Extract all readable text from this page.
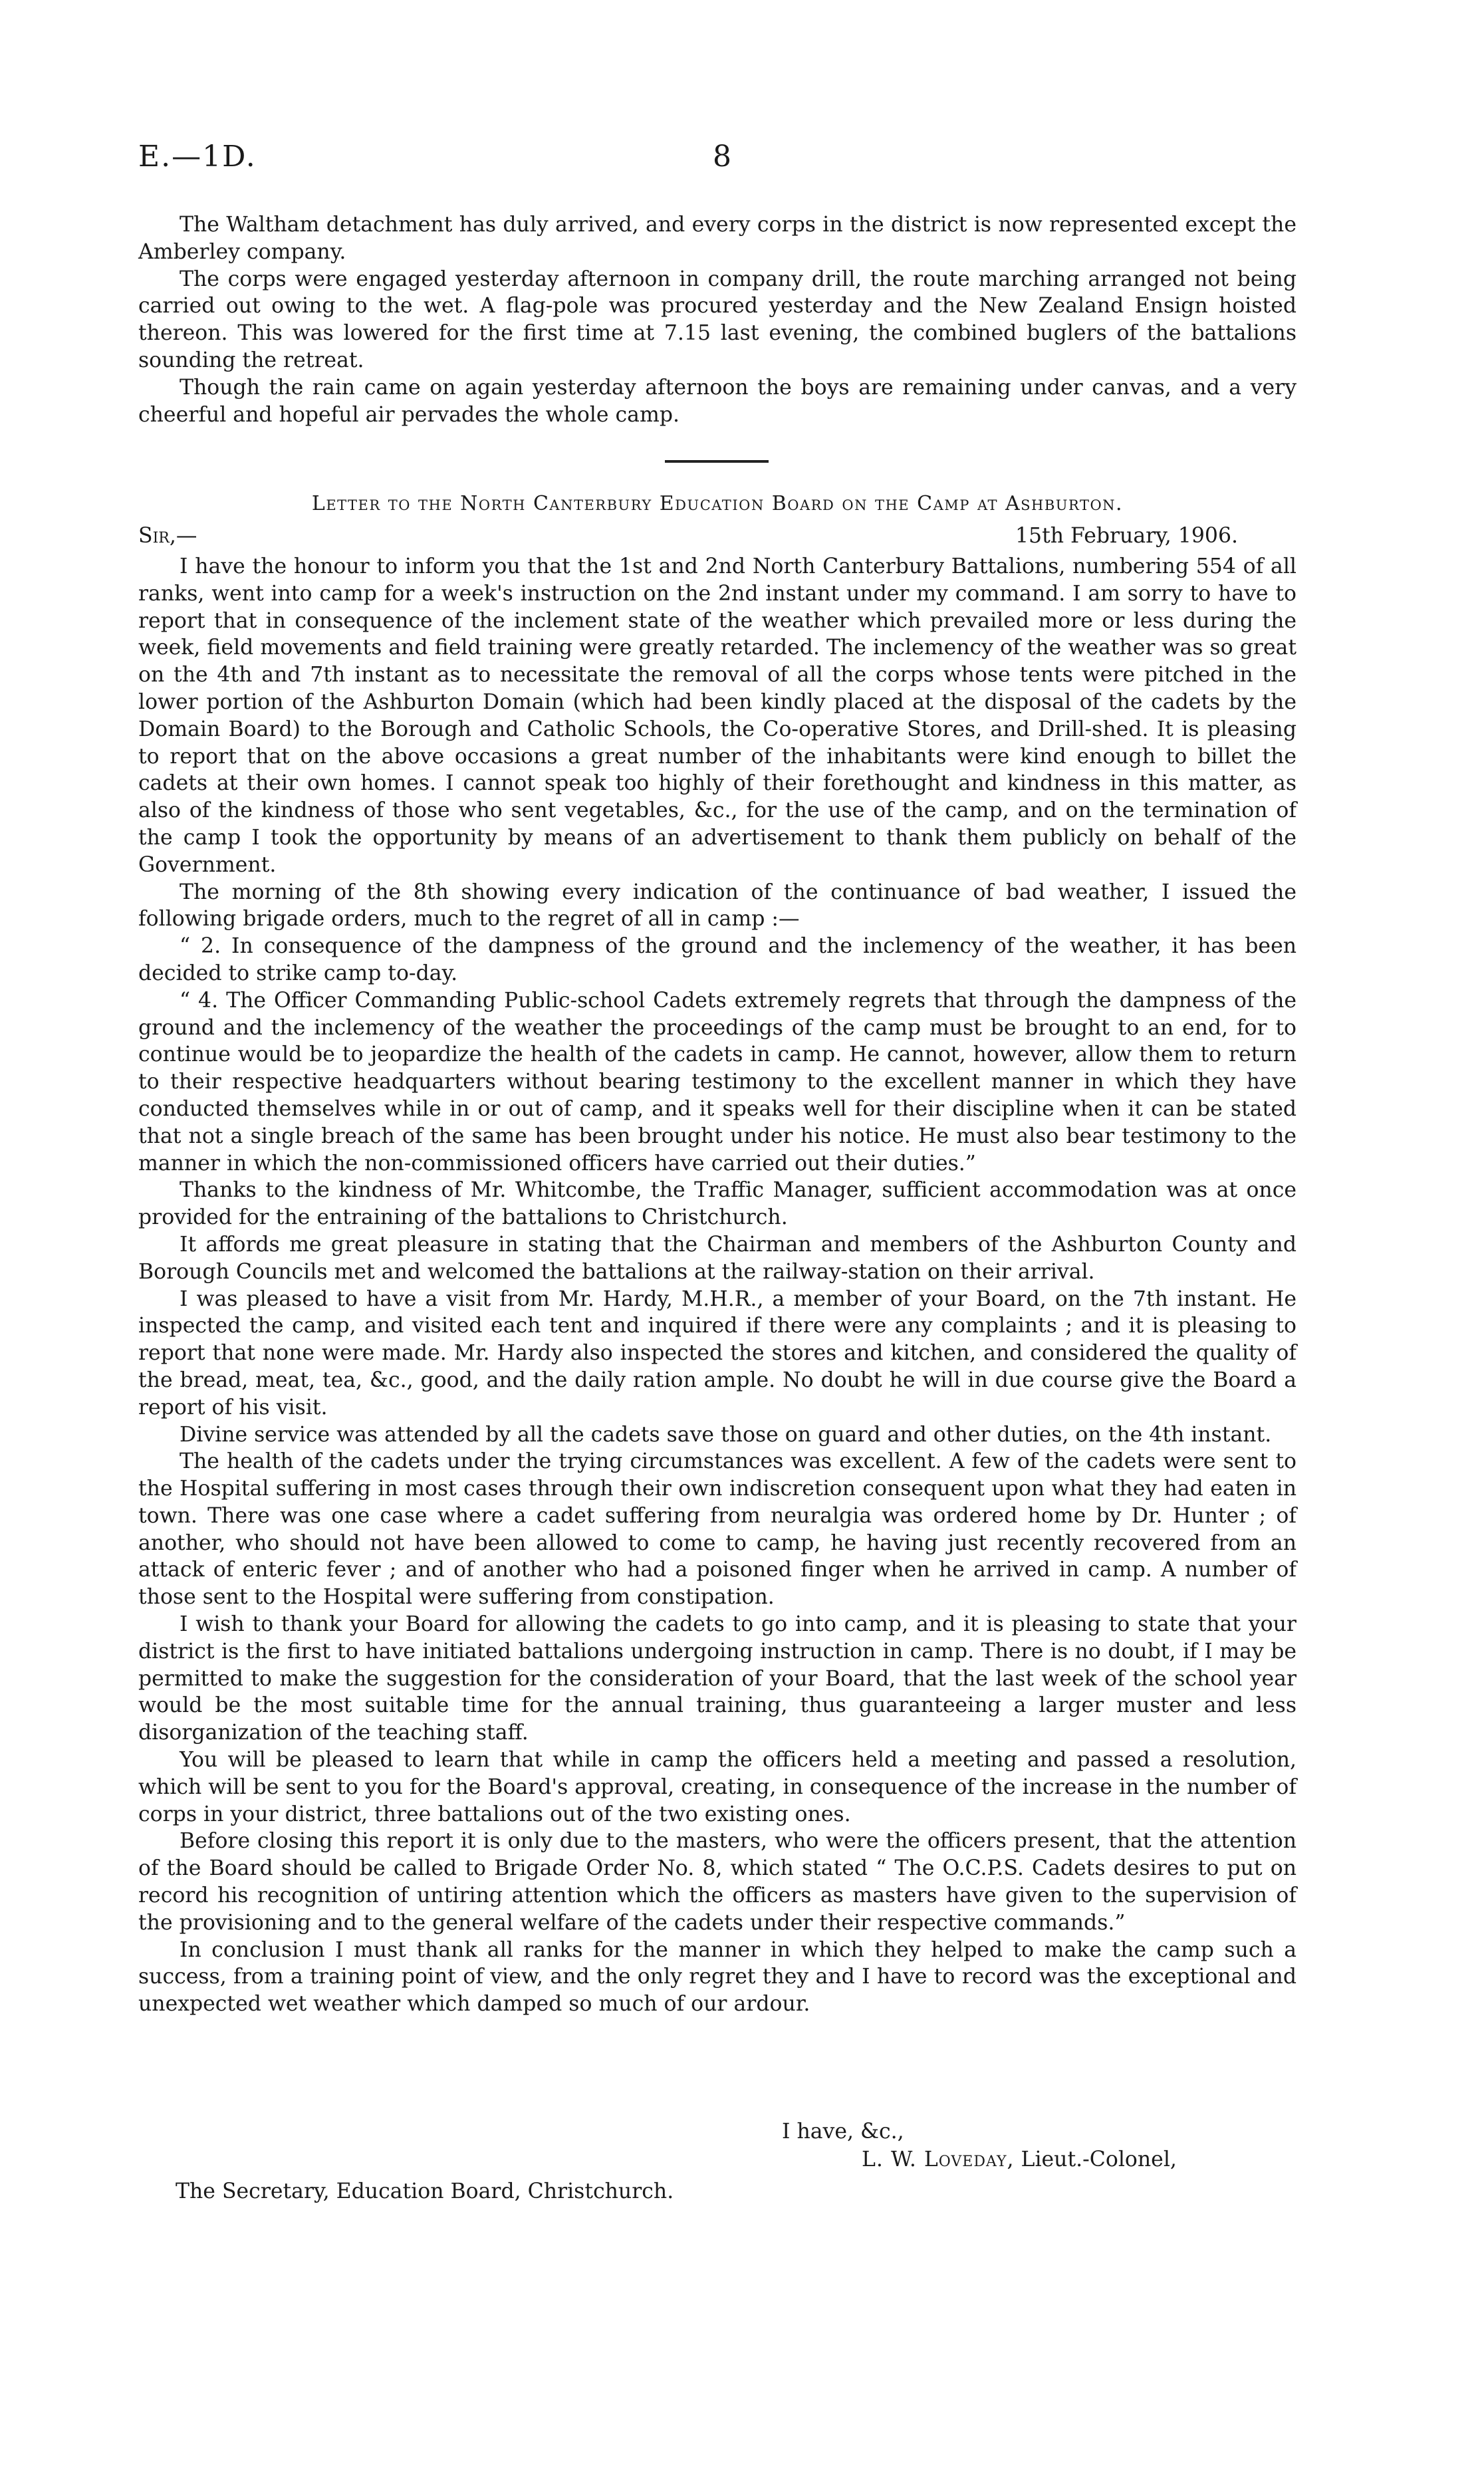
E.—1D.	8

The Waltham detachment has duly arrived, and every corps in the district is now represented except the Amberley company.

The corps were engaged yesterday afternoon in company drill, the route marching arranged not being carried out owing to the wet. A flag-pole was procured yesterday and the New Zealand Ensign hoisted thereon. This was lowered for the first time at 7.15 last evening, the combined buglers of the battalions sounding the retreat.

Though the rain came on again yesterday afternoon the boys are remaining under canvas, and a very cheerful and hopeful air pervades the whole camp.

Letter to the North Canterbury Education Board on the Camp at Ashburton.
Sir,—	15th February, 1906.

I have the honour to inform you that the 1st and 2nd North Canterbury Battalions, numbering 554 of all ranks, went into camp for a week's instruction on the 2nd instant under my command. I am sorry to have to report that in consequence of the inclement state of the weather which prevailed more or less during the week, field movements and field training were greatly retarded. The inclemency of the weather was so great on the 4th and 7th instant as to necessitate the removal of all the corps whose tents were pitched in the lower portion of the Ashburton Domain (which had been kindly placed at the disposal of the cadets by the Domain Board) to the Borough and Catholic Schools, the Co-operative Stores, and Drill-shed. It is pleasing to report that on the above occasions a great number of the inhabitants were kind enough to billet the cadets at their own homes. I cannot speak too highly of their forethought and kindness in this matter, as also of the kindness of those who sent vegetables, &c., for the use of the camp, and on the termination of the camp I took the opportunity by means of an advertisement to thank them publicly on behalf of the Government.

The morning of the 8th showing every indication of the continuance of bad weather, I issued the following brigade orders, much to the regret of all in camp :—

“ 2. In consequence of the dampness of the ground and the inclemency of the weather, it has been decided to strike camp to-day.

“ 4. The Officer Commanding Public-school Cadets extremely regrets that through the dampness of the ground and the inclemency of the weather the proceedings of the camp must be brought to an end, for to continue would be to jeopardize the health of the cadets in camp. He cannot, however, allow them to return to their respective headquarters without bearing testimony to the excellent manner in which they have conducted themselves while in or out of camp, and it speaks well for their discipline when it can be stated that not a single breach of the same has been brought under his notice. He must also bear testimony to the manner in which the non-commissioned officers have carried out their duties.”

Thanks to the kindness of Mr. Whitcombe, the Traffic Manager, sufficient accommodation was at once provided for the entraining of the battalions to Christchurch.

It affords me great pleasure in stating that the Chairman and members of the Ashburton County and Borough Councils met and welcomed the battalions at the railway-station on their arrival.

I was pleased to have a visit from Mr. Hardy, M.H.R., a member of your Board, on the 7th instant. He inspected the camp, and visited each tent and inquired if there were any complaints ; and it is pleasing to report that none were made. Mr. Hardy also inspected the stores and kitchen, and considered the quality of the bread, meat, tea, &c., good, and the daily ration ample. No doubt he will in due course give the Board a report of his visit.

Divine service was attended by all the cadets save those on guard and other duties, on the 4th instant.

The health of the cadets under the trying circumstances was excellent. A few of the cadets were sent to the Hospital suffering in most cases through their own indiscretion consequent upon what they had eaten in town. There was one case where a cadet suffering from neuralgia was ordered home by Dr. Hunter ; of another, who should not have been allowed to come to camp, he having just recently recovered from an attack of enteric fever ; and of another who had a poisoned finger when he arrived in camp. A number of those sent to the Hospital were suffering from constipation.

I wish to thank your Board for allowing the cadets to go into camp, and it is pleasing to state that your district is the first to have initiated battalions undergoing instruction in camp. There is no doubt, if I may be permitted to make the suggestion for the consideration of your Board, that the last week of the school year would be the most suitable time for the annual training, thus guaranteeing a larger muster and less disorganization of the teaching staff.

You will be pleased to learn that while in camp the officers held a meeting and passed a resolution, which will be sent to you for the Board's approval, creating, in consequence of the increase in the number of corps in your district, three battalions out of the two existing ones.

Before closing this report it is only due to the masters, who were the officers present, that the attention of the Board should be called to Brigade Order No. 8, which stated “ The O.C.P.S. Cadets desires to put on record his recognition of untiring attention which the officers as masters have given to the supervision of the provisioning and to the general welfare of the cadets under their respective commands.”

In conclusion I must thank all ranks for the manner in which they helped to make the camp such a success, from a training point of view, and the only regret they and I have to record was the exceptional and unexpected wet weather which damped so much of our ardour.

I have, &c.,
L. W. Loveday, Lieut.-Colonel,
The Secretary, Education Board, Christchurch.
